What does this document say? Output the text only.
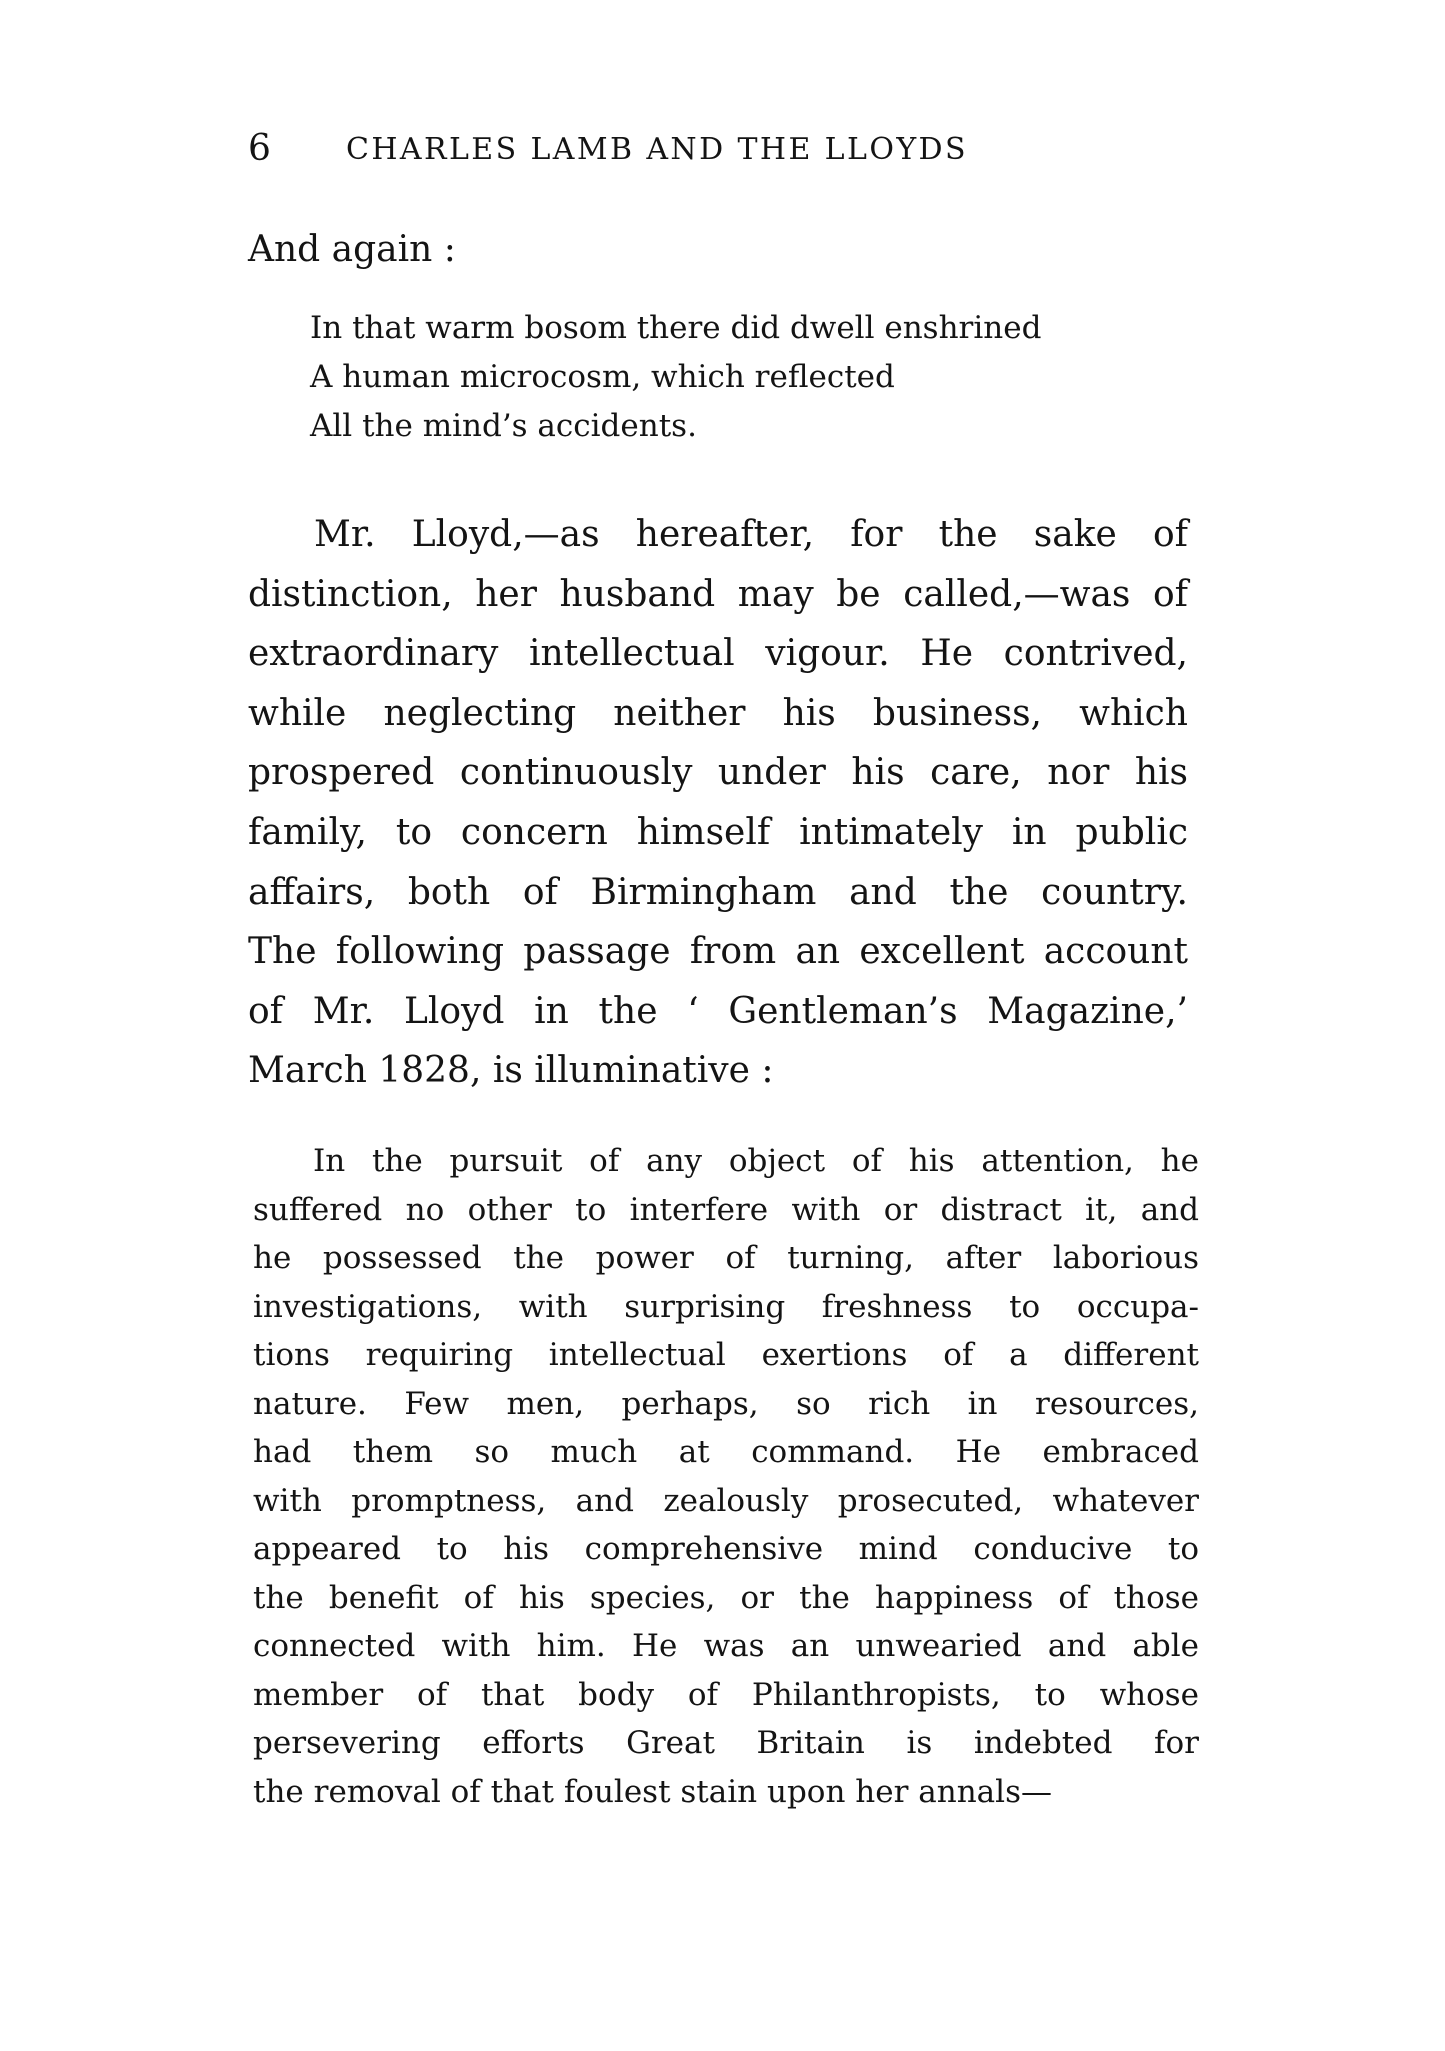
6	CHARLES LAMB AND THE LLOYDS
And again :
In that warm bosom there did dwell enshrined
A human microcosm, which reflected
All the mind’s accidents.
Mr. Lloyd,—as hereafter, for the sake of
distinction, her husband may be called,—was of
extraordinary intellectual vigour. He contrived,
while neglecting neither his business, which
prospered continuously under his care, nor his
family, to concern himself intimately in public
affairs, both of Birmingham and the country.
The following passage from an excellent account
of Mr. Lloyd in the ‘ Gentleman’s Magazine,’
March 1828, is illuminative :
In the pursuit of any object of his attention, he
suffered no other to interfere with or distract it, and
he possessed the power of turning, after laborious
investigations, with surprising freshness to occupa-
tions requiring intellectual exertions of a different
nature. Few men, perhaps, so rich in resources,
had them so much at command. He embraced
with promptness, and zealously prosecuted, whatever
appeared to his comprehensive mind conducive to
the benefit of his species, or the happiness of those
connected with him. He was an unwearied and able
member of that body of Philanthropists, to whose
persevering efforts Great Britain is indebted for
the removal of that foulest stain upon her annals—
